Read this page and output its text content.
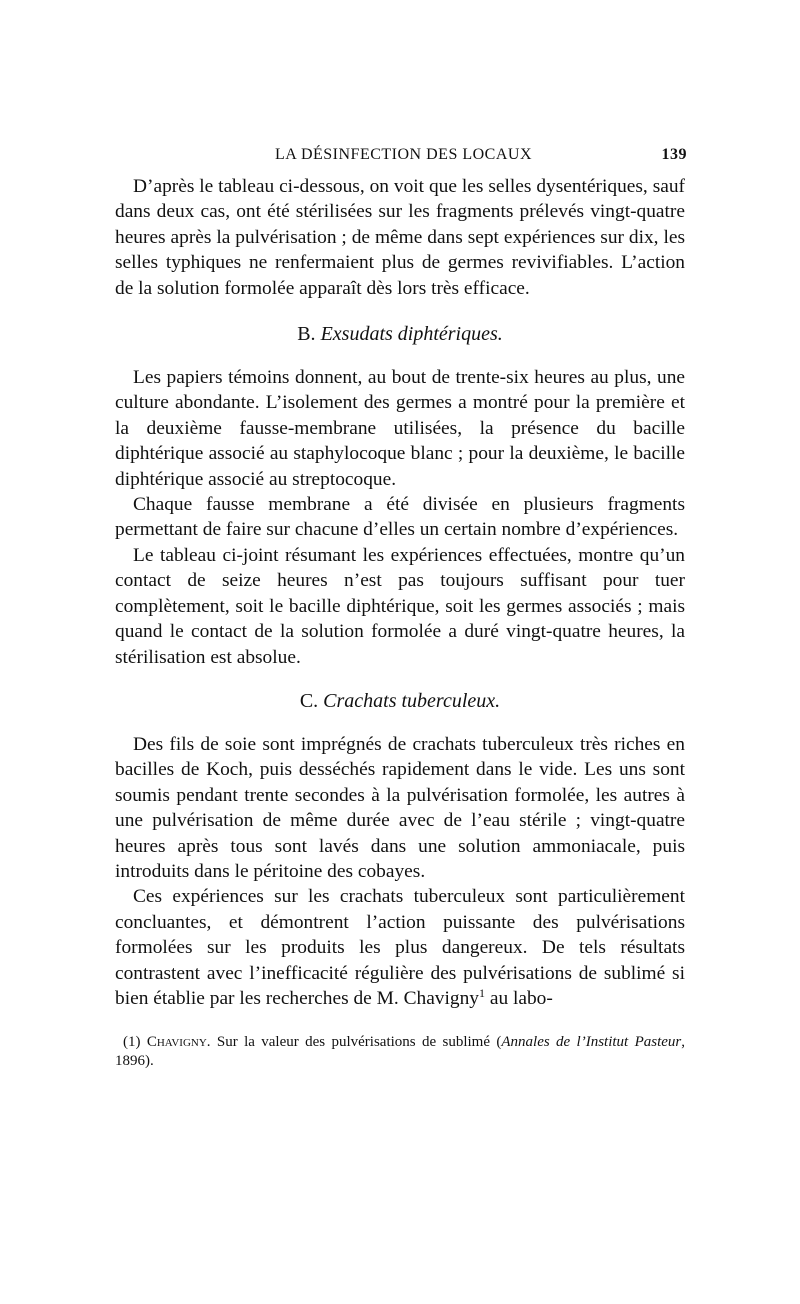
LA DÉSINFECTION DES LOCAUX	139

D’après le tableau ci-dessous, on voit que les selles dysentériques, sauf dans deux cas, ont été stérilisées sur les fragments prélevés vingt-quatre heures après la pulvérisation ; de même dans sept expériences sur dix, les selles typhiques ne renfermaient plus de germes revivifiables. L’action de la solution formolée apparaît dès lors très efficace.

B. Exsudats diphtériques.

Les papiers témoins donnent, au bout de trente-six heures au plus, une culture abondante. L’isolement des germes a montré pour la première et la deuxième fausse-membrane utilisées, la présence du bacille diphtérique associé au staphylocoque blanc ; pour la deuxième, le bacille diphtérique associé au streptocoque.

Chaque fausse membrane a été divisée en plusieurs fragments permettant de faire sur chacune d’elles un certain nombre d’expériences.

Le tableau ci-joint résumant les expériences effectuées, montre qu’un contact de seize heures n’est pas toujours suffisant pour tuer complètement, soit le bacille diphtérique, soit les germes associés ; mais quand le contact de la solution formolée a duré vingt-quatre heures, la stérilisation est absolue.

C. Crachats tuberculeux.

Des fils de soie sont imprégnés de crachats tuberculeux très riches en bacilles de Koch, puis desséchés rapidement dans le vide. Les uns sont soumis pendant trente secondes à la pulvérisation formolée, les autres à une pulvérisation de même durée avec de l’eau stérile ; vingt-quatre heures après tous sont lavés dans une solution ammoniacale, puis introduits dans le péritoine des cobayes.

Ces expériences sur les crachats tuberculeux sont particulièrement concluantes, et démontrent l’action puissante des pulvérisations formolées sur les produits les plus dangereux. De tels résultats contrastent avec l’inefficacité régulière des pulvérisations de sublimé si bien établie par les recherches de M. Chavigny$^1$ au labo-

(1) Chavigny. Sur la valeur des pulvérisations de sublimé (Annales de l’Institut Pasteur, 1896).
